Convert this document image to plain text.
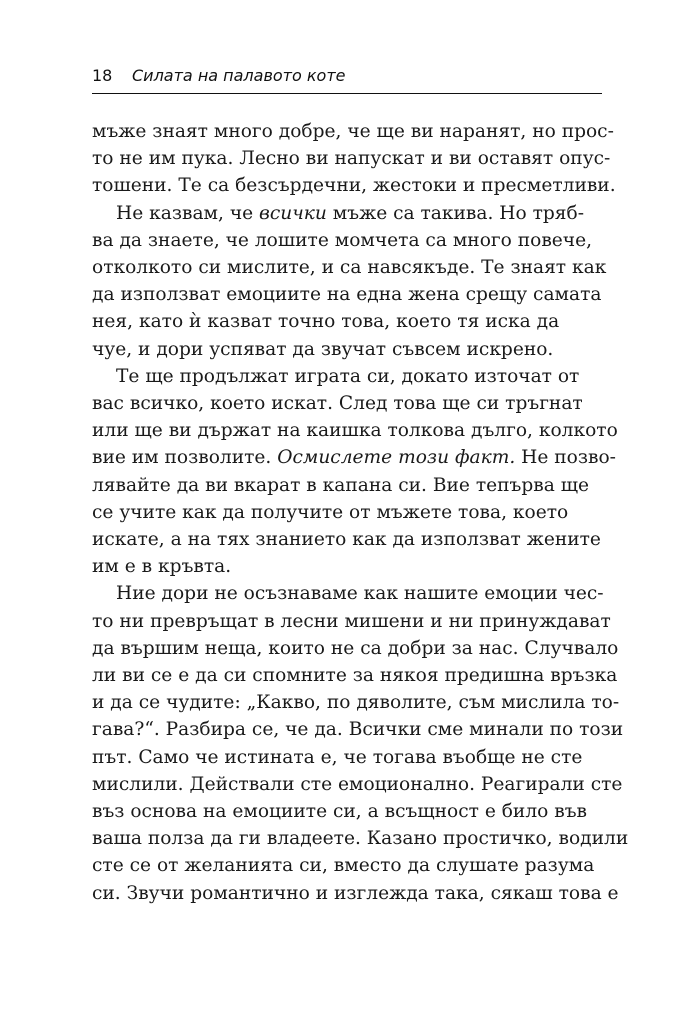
18	Силата на палавото коте
мъже знаят много добре, че ще ви наранят, но прос-
то не им пука. Лесно ви напускат и ви оставят опус-
тошени. Те са безсърдечни, жестоки и пресметливи.
Не казвам, че всички мъже са такива. Но тряб-
ва да знаете, че лошите момчета са много повече,
отколкото си мислите, и са навсякъде. Те знаят как
да използват емоциите на една жена срещу самата
нея, като ѝ казват точно това, което тя иска да
чуе, и дори успяват да звучат съвсем искрено.
Те ще продължат играта си, докато източат от
вас всичко, което искат. След това ще си тръгнат
или ще ви държат на каишка толкова дълго, колкото
вие им позволите. Осмислете този факт. Не позво-
лявайте да ви вкарат в капана си. Вие тепърва ще
се учите как да получите от мъжете това, което
искате, а на тях знанието как да използват жените
им е в кръвта.
Ние дори не осъзнаваме как нашите емоции чес-
то ни превръщат в лесни мишени и ни принуждават
да вършим неща, които не са добри за нас. Случвало
ли ви се е да си спомните за някоя предишна връзка
и да се чудите: „Какво, по дяволите, съм мислила то-
гава?“. Разбира се, че да. Всички сме минали по този
път. Само че истината е, че тогава въобще не сте
мислили. Действали сте емоционално. Реагирали сте
въз основа на емоциите си, а всъщност е било във
ваша полза да ги владеете. Казано простичко, водили
сте се от желанията си, вместо да слушате разума
си. Звучи романтично и изглежда така, сякаш това е
